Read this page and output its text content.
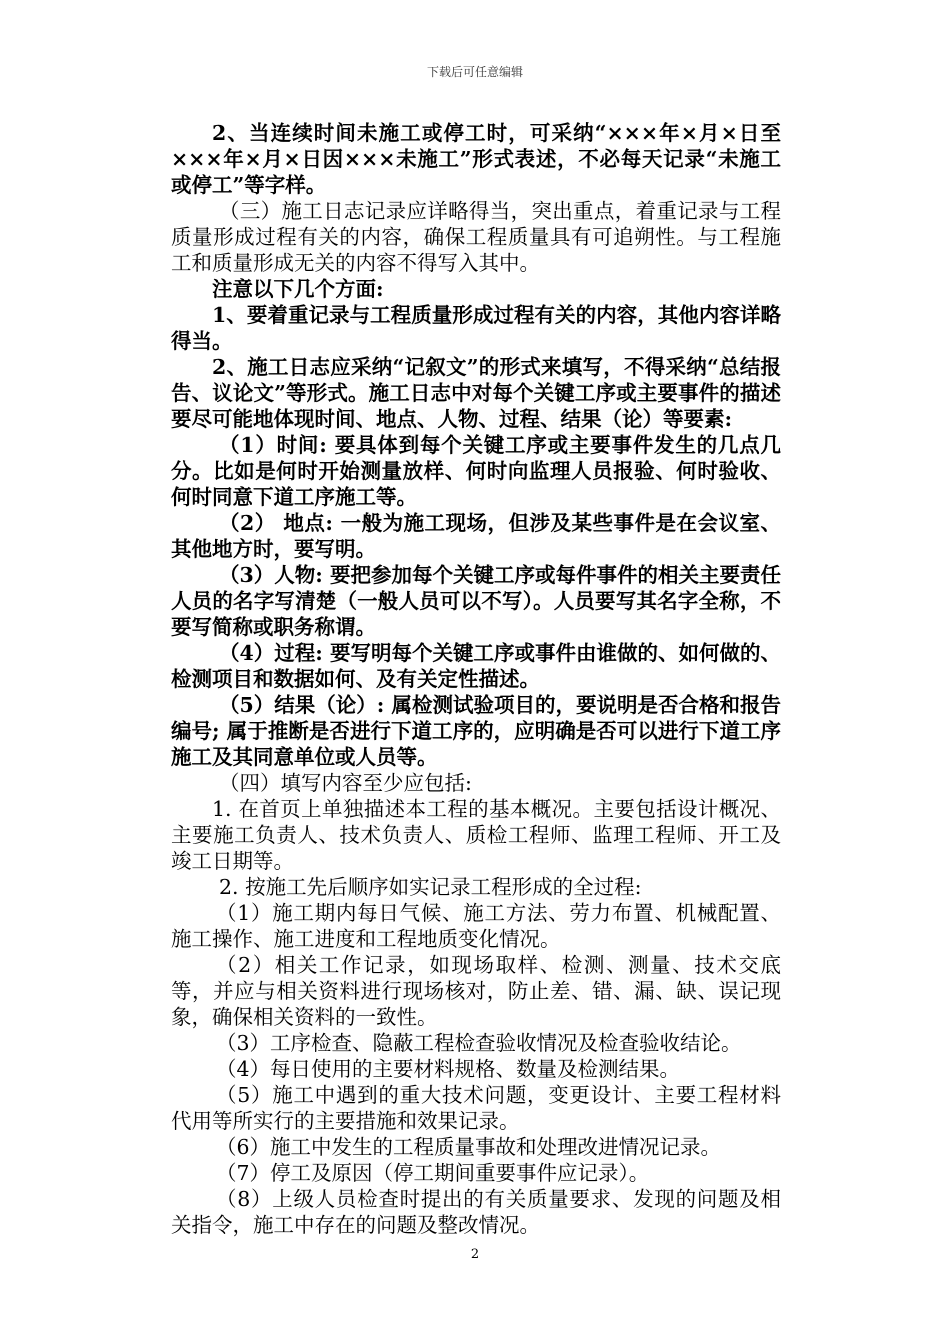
下载后可任意编辑

2、当连续时间未施工或停工时，可采纳“×××年×月×日至×××年×月×日因×××未施工”形式表述，不必每天记录“未施工或停工”等字样。

（三）施工日志记录应详略得当，突出重点，着重记录与工程质量形成过程有关的内容，确保工程质量具有可追朔性。与工程施工和质量形成无关的内容不得写入其中。

注意以下几个方面:

1、要着重记录与工程质量形成过程有关的内容，其他内容详略得当。

2、施工日志应采纳“记叙文”的形式来填写，不得采纳“总结报告、议论文”等形式。施工日志中对每个关键工序或主要事件的描述要尽可能地体现时间、地点、人物、过程、结果（论）等要素:

（1）时间: 要具体到每个关键工序或主要事件发生的几点几分。比如是何时开始测量放样、何时向监理人员报验、何时验收、何时同意下道工序施工等。

（2） 地点: 一般为施工现场，但涉及某些事件是在会议室、其他地方时，要写明。

（3）人物: 要把参加每个关键工序或每件事件的相关主要责任人员的名字写清楚（一般人员可以不写）。人员要写其名字全称，不要写简称或职务称谓。

（4）过程: 要写明每个关键工序或事件由谁做的、如何做的、检测项目和数据如何、及有关定性描述。

（5）结果（论）: 属检测试验项目的，要说明是否合格和报告编号; 属于推断是否进行下道工序的，应明确是否可以进行下道工序施工及其同意单位或人员等。

（四）填写内容至少应包括:

1. 在首页上单独描述本工程的基本概况。主要包括设计概况、主要施工负责人、技术负责人、质检工程师、监理工程师、开工及竣工日期等。

2. 按施工先后顺序如实记录工程形成的全过程:

（1）施工期内每日气候、施工方法、劳力布置、机械配置、施工操作、施工进度和工程地质变化情况。

（2）相关工作记录，如现场取样、检测、测量、技术交底等，并应与相关资料进行现场核对，防止差、错、漏、缺、误记现象，确保相关资料的一致性。

（3）工序检查、隐蔽工程检查验收情况及检查验收结论。

（4）每日使用的主要材料规格、数量及检测结果。

（5）施工中遇到的重大技术问题，变更设计、主要工程材料代用等所实行的主要措施和效果记录。

（6）施工中发生的工程质量事故和处理改进情况记录。

（7）停工及原因（停工期间重要事件应记录）。

（8）上级人员检查时提出的有关质量要求、发现的问题及相关指令，施工中存在的问题及整改情况。

2
